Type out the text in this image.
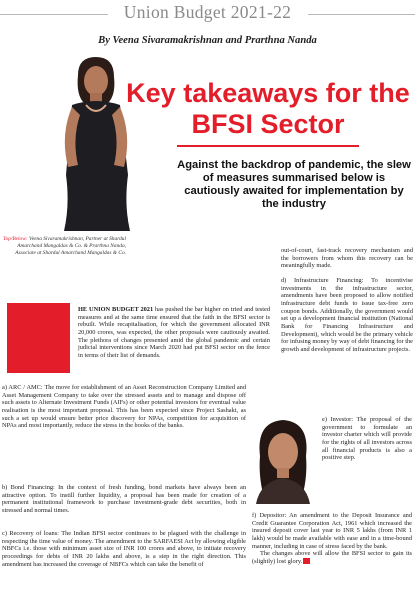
Union Budget 2021-22
By Veena Sivaramakrishnan and Prarthna Nanda
Key takeaways for the BFSI Sector
Against the backdrop of pandemic, the slew of measures summarised below is cautiously awaited for implementation by the industry
Top/Below: Veena Sivaramakrishnan, Partner at Shardul Amarchand Mangaldas & Co. & Prarthna Nanda, Associate at Shardul Amarchand Mangaldas & Co.	out-of-court, fast-track recovery mechanism and the borrowers from whom this recovery can be meaningfully made.

d) Infrastructure Financing: To incentivise investments in the infrastructure sector, amendments have been proposed to allow notified infrastructure debt funds to issue tax-free zero coupon bonds. Additionally, the government would set up a development financial institution (National Bank for Financing Infrastructure and Development), which would be the primary vehicle for infusing money by way of debt financing for the growth and development of infrastructure projects.

HE UNION BUDGET 2021 has pushed the bar higher on tried and tested measures and at the same time ensured that the faith in the BFSI sector is rebuilt. While recapitalisation, for which the government allocated INR 20,000 crores, was expected, the other proposals were cautiously awaited. The plethora of changes presented amid the global pandemic and certain judicial interventions since March 2020 had put BFSI sector on the fence in terms of their list of demands.
a) ARC / AMC: The move for establishment of an Asset Reconstruction Company Limited and Asset Management Company to take over the stressed assets and to manage and dispose off such assets to Alternate Investment Funds (AIFs) or other potential investors for eventual value realisation is the most important proposal. This has been expected since Project Sashakt, as such a set up would ensure better price discovery for NPAs, competition for acquisition of NPAs and most importantly, reduce the stress in the books of the banks.
b) Bond Financing: In the context of fresh funding, bond markets have always been an attractive option. To instill further liquidity, a proposal has been made for creation of a permanent institutional framework to purchase investment-grade debt securities, both in stressed and normal times.
c) Recovery of loans: The Indian BFSI sector continues to be plagued with the challenge in respecting the time value of money. The amendment to the SARFAESI Act by allowing eligible NBFCs i.e. those with minimum asset size of INR 100 crores and above, to initiate recovery proceedings for debts of INR 20 lakhs and above, is a step in the right direction. This amendment has increased the coverage of NBFCs which can take the benefit of
e) Investor: The proposal of the government to formulate an investor charter which will provide for the rights of all investors across all financial products is also a positive step.

f) Depositor: An amendment to the Deposit Insurance and Credit Guarantee Corporation Act, 1961 which increased the insured deposit cover last year to INR 5 lakhs (from INR 1 lakh) would be made available with ease and in a time-bound manner, including in case of stress faced by the bank.

The changes above will allow the BFSI sector to gain its (slightly) lost glory.
